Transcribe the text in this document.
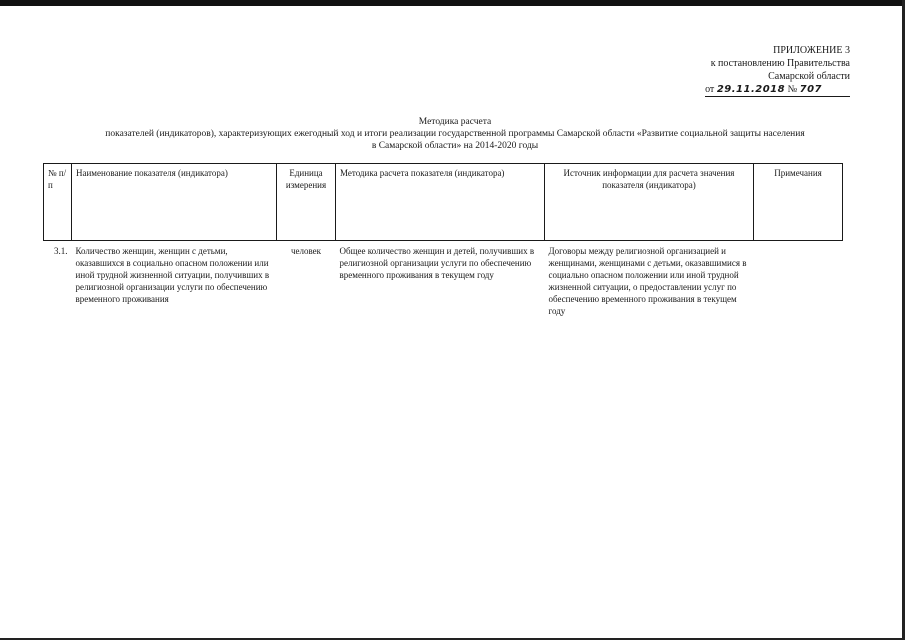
ПРИЛОЖЕНИЕ 3
к постановлению Правительства
Самарской области
от 29.11.2018 № 707
Методика расчета
показателей (индикаторов), характеризующих ежегодный ход и итоги реализации государственной программы Самарской области «Развитие социальной защиты населения
в Самарской области» на 2014-2020 годы
№ п/п	Наименование показателя (индикатора)	Единица измерения	Методика расчета показателя (индикатора)	Источник информации для расчета значения показателя (индикатора)	Примечания
3.1.	Количество женщин, женщин с детьми, оказавшихся в социально опасном положении или иной трудной жизненной ситуации, получивших в религиозной организации услуги по обеспечению временного проживания	человек	Общее количество женщин и детей, получивших в религиозной организации услуги по обеспечению временного проживания в текущем году	Договоры между религиозной организацией и женщинами, женщинами с детьми, оказавшимися в социально опасном положении или иной трудной жизненной ситуации, о предоставлении услуг по обеспечению временного проживания в текущем году	
